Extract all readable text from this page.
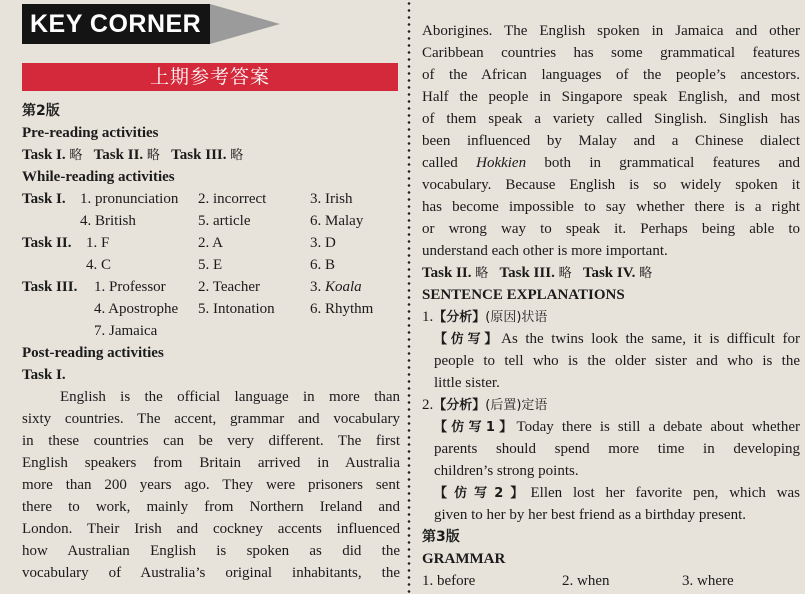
KEY CORNER
上期参考答案
第2版
Pre-reading activities
Task I. 略 Task II. 略 Task III. 略
While-reading activities
Task I. 1. pronunciation 2. incorrect	3. Irish
4. British	5. article	6. Malay
Task II. 1. F	2. A	3. D
4. C	5. E	6. B
Task III. 1. Professor 2. Teacher	3. Koala
4. Apostrophe 5. Intonation 6. Rhythm
7. Jamaica
Post-reading activities
Task I.
English is the official language in more than
sixty countries. The accent, grammar and vocabulary
in these countries can be very different. The first
English speakers from Britain arrived in Australia
more than 200 years ago. They were prisoners sent
there to work, mainly from Northern Ireland and
London. Their Irish and cockney accents influenced
how Australian English is spoken as did the
vocabulary of Australia’s original inhabitants, the
Aborigines. The English spoken in Jamaica and other
Caribbean countries has some grammatical features
of the African languages of the people’s ancestors.
Half the people in Singapore speak English, and most
of them speak a variety called Singlish. Singlish has
been influenced by Malay and a Chinese dialect
called Hokkien both in grammatical features and
vocabulary. Because English is so widely spoken it
has become impossible to say whether there is a right
or wrong way to speak it. Perhaps being able to
understand each other is more important.
Task II. 略 Task III. 略 Task IV. 略
SENTENCE EXPLANATIONS
1.【分析】(原因)状语
【仿写】As the twins look the same, it is difficult for
people to tell who is the older sister and who is the
little sister.
2.【分析】(后置)定语
【仿写1】Today there is still a debate about whether
parents should spend more time in developing
children’s strong points.
【仿写2】Ellen lost her favorite pen, which was
given to her by her best friend as a birthday present.
第3版
GRAMMAR
1. before	2. when	3. where
